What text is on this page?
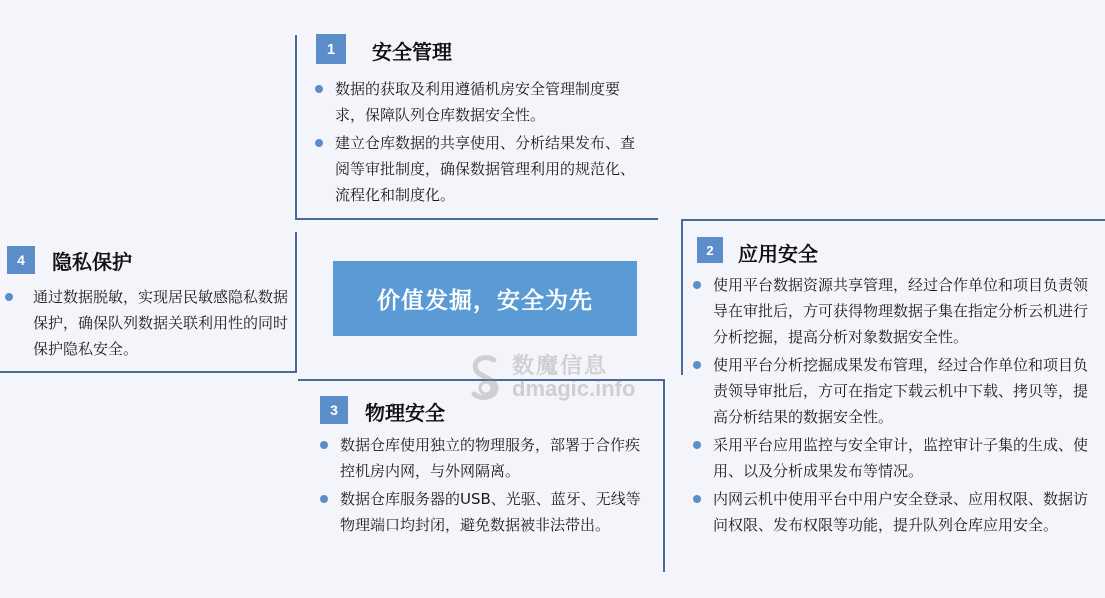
1	安全管理
数据的获取及利用遵循机房安全管理制度要求，保障队列仓库数据安全性。
建立仓库数据的共享使用、分析结果发布、查阅等审批制度，确保数据管理利用的规范化、流程化和制度化。
2	应用安全
使用平台数据资源共享管理，经过合作单位和项目负责领导在审批后，方可获得物理数据子集在指定分析云机进行分析挖掘，提高分析对象数据安全性。
使用平台分析挖掘成果发布管理，经过合作单位和项目负责领导审批后，方可在指定下载云机中下载、拷贝等，提高分析结果的数据安全性。
采用平台应用监控与安全审计，监控审计子集的生成、使用、以及分析成果发布等情况。
内网云机中使用平台中用户安全登录、应用权限、数据访问权限、发布权限等功能，提升队列仓库应用安全。
3	物理安全
数据仓库使用独立的物理服务，部署于合作疾控机房内网，与外网隔离。
数据仓库服务器的USB、光驱、蓝牙、无线等物理端口均封闭，避免数据被非法带出。
4	隐私保护
通过数据脱敏，实现居民敏感隐私数据保护，确保队列数据关联利用性的同时保护隐私安全。
价值发掘，安全为先
数魔信息
dmagic.info
